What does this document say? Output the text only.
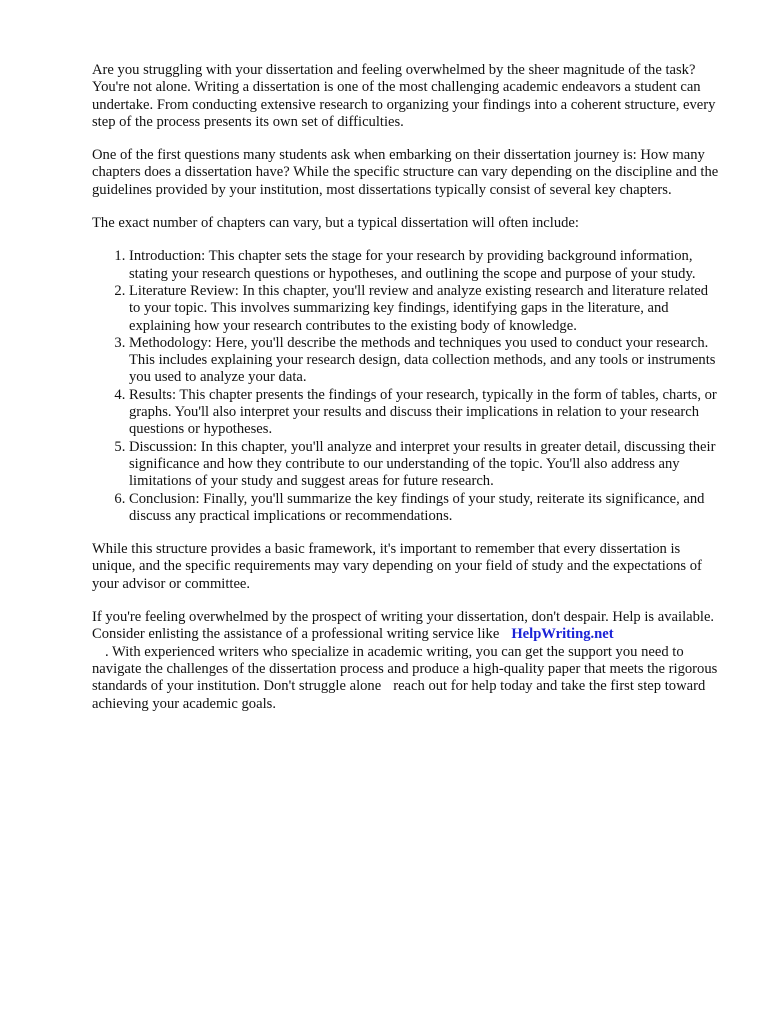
Are you struggling with your dissertation and feeling overwhelmed by the sheer magnitude of the task? You're not alone. Writing a dissertation is one of the most challenging academic endeavors a student can undertake. From conducting extensive research to organizing your findings into a coherent structure, every step of the process presents its own set of difficulties.

One of the first questions many students ask when embarking on their dissertation journey is: How many chapters does a dissertation have? While the specific structure can vary depending on the discipline and the guidelines provided by your institution, most dissertations typically consist of several key chapters.

The exact number of chapters can vary, but a typical dissertation will often include:

1. Introduction: This chapter sets the stage for your research by providing background information, stating your research questions or hypotheses, and outlining the scope and purpose of your study.
2. Literature Review: In this chapter, you'll review and analyze existing research and literature related to your topic. This involves summarizing key findings, identifying gaps in the literature, and explaining how your research contributes to the existing body of knowledge.
3. Methodology: Here, you'll describe the methods and techniques you used to conduct your research. This includes explaining your research design, data collection methods, and any tools or instruments you used to analyze your data.
4. Results: This chapter presents the findings of your research, typically in the form of tables, charts, or graphs. You'll also interpret your results and discuss their implications in relation to your research questions or hypotheses.
5. Discussion: In this chapter, you'll analyze and interpret your results in greater detail, discussing their significance and how they contribute to our understanding of the topic. You'll also address any limitations of your study and suggest areas for future research.
6. Conclusion: Finally, you'll summarize the key findings of your study, reiterate its significance, and discuss any practical implications or recommendations.

While this structure provides a basic framework, it's important to remember that every dissertation is unique, and the specific requirements may vary depending on your field of study and the expectations of your advisor or committee.

If you're feeling overwhelmed by the prospect of writing your dissertation, don't despair. Help is available. Consider enlisting the assistance of a professional writing service like HelpWriting.net
. With experienced writers who specialize in academic writing, you can get the support you need to navigate the challenges of the dissertation process and produce a high-quality paper that meets the rigorous standards of your institution. Don't struggle alone reach out for help today and take the first step toward achieving your academic goals.
